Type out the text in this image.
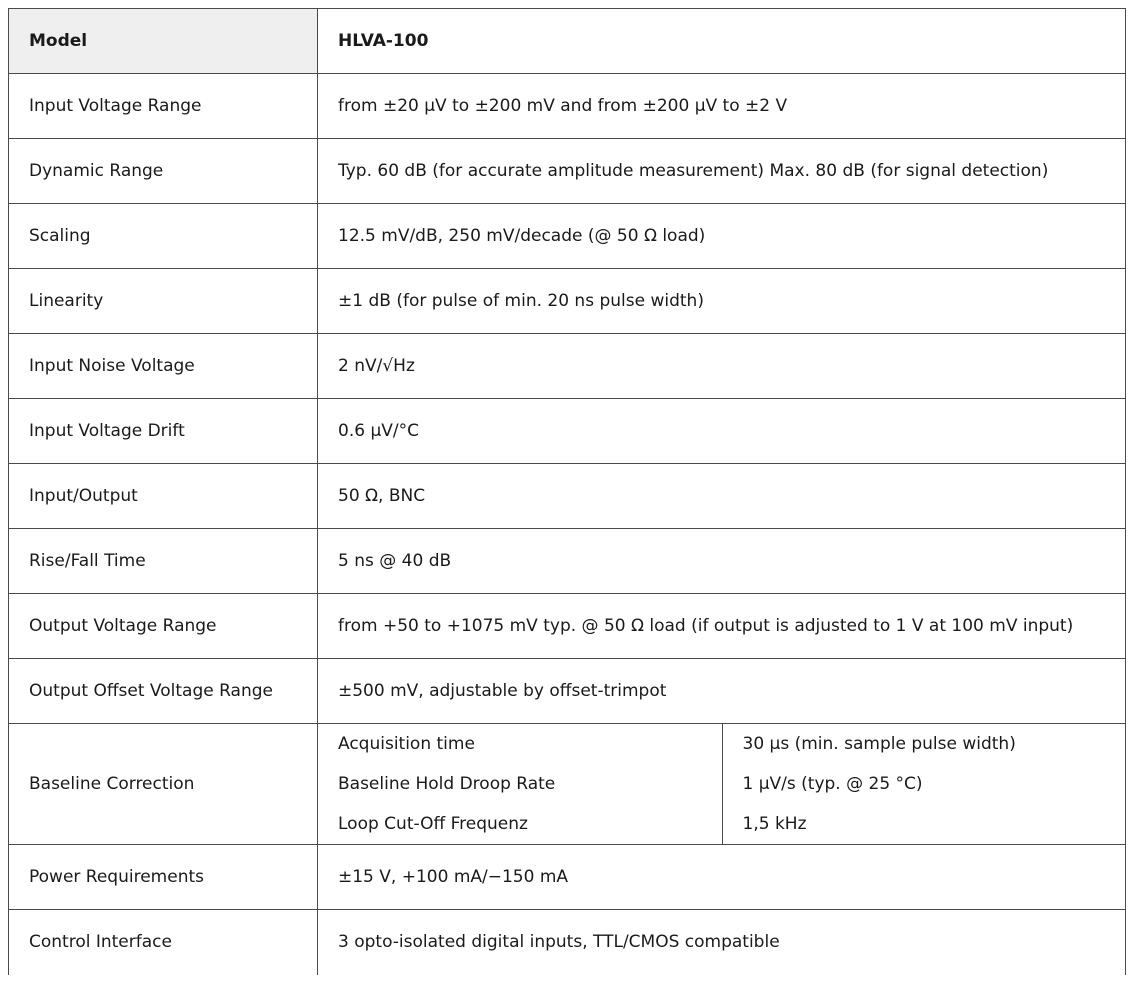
Model	HLVA-100
Input Voltage Range	from ±20 µV to ±200 mV and from ±200 µV to ±2 V
Dynamic Range	Typ. 60 dB (for accurate amplitude measurement) Max. 80 dB (for signal detection)
Scaling	12.5 mV/dB, 250 mV/decade (@ 50 Ω load)
Linearity	±1 dB (for pulse of min. 20 ns pulse width)
Input Noise Voltage	2 nV/√Hz
Input Voltage Drift	0.6 µV/°C
Input/Output	50 Ω, BNC
Rise/Fall Time	5 ns @ 40 dB
Output Voltage Range	from +50 to +1075 mV typ. @ 50 Ω load (if output is adjusted to 1 V at 100 mV input)
Output Offset Voltage Range	±500 mV, adjustable by offset-trimpot
Baseline Correction	
Acquisition time	30 µs (min. sample pulse width)
Baseline Hold Droop Rate	1 µV/s (typ. @ 25 °C)
Loop Cut-Off Frequenz	1,5 kHz

Power Requirements	±15 V, +100 mA/−150 mA
Control Interface	3 opto-isolated digital inputs, TTL/CMOS compatible
